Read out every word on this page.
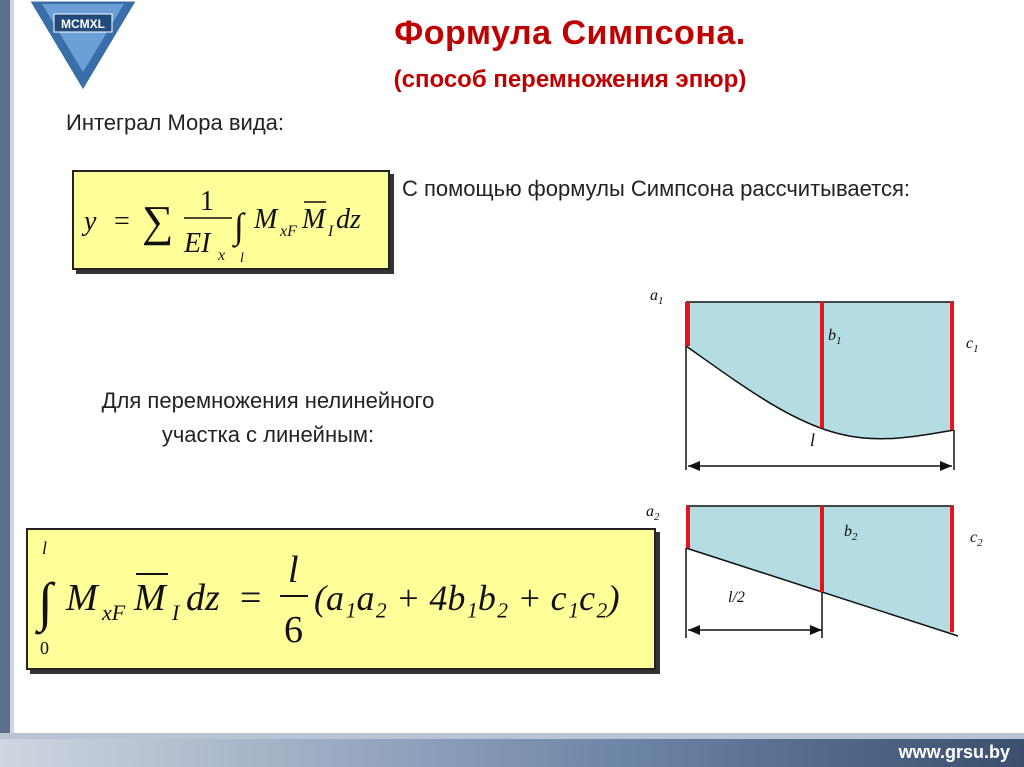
MCMXL	Формула Симпсона.
(способ перемножения эпюр)
Интеграл Мора вида:
y = ∑ 1
EI x
∫
l
M xF M I dz
С помощью формулы Симпсона рассчитывается:
Для перемножения нелинейного
участка с линейным:
∫
l
0
M xF M I dz =
l
6
(a₁a₂ + 4b₁b₂ + c₁c₂)
$a_1$
$b_1$	$c_1$
l
$a_2$
$b_2$	$c_2$
l/2
www.grsu.by
